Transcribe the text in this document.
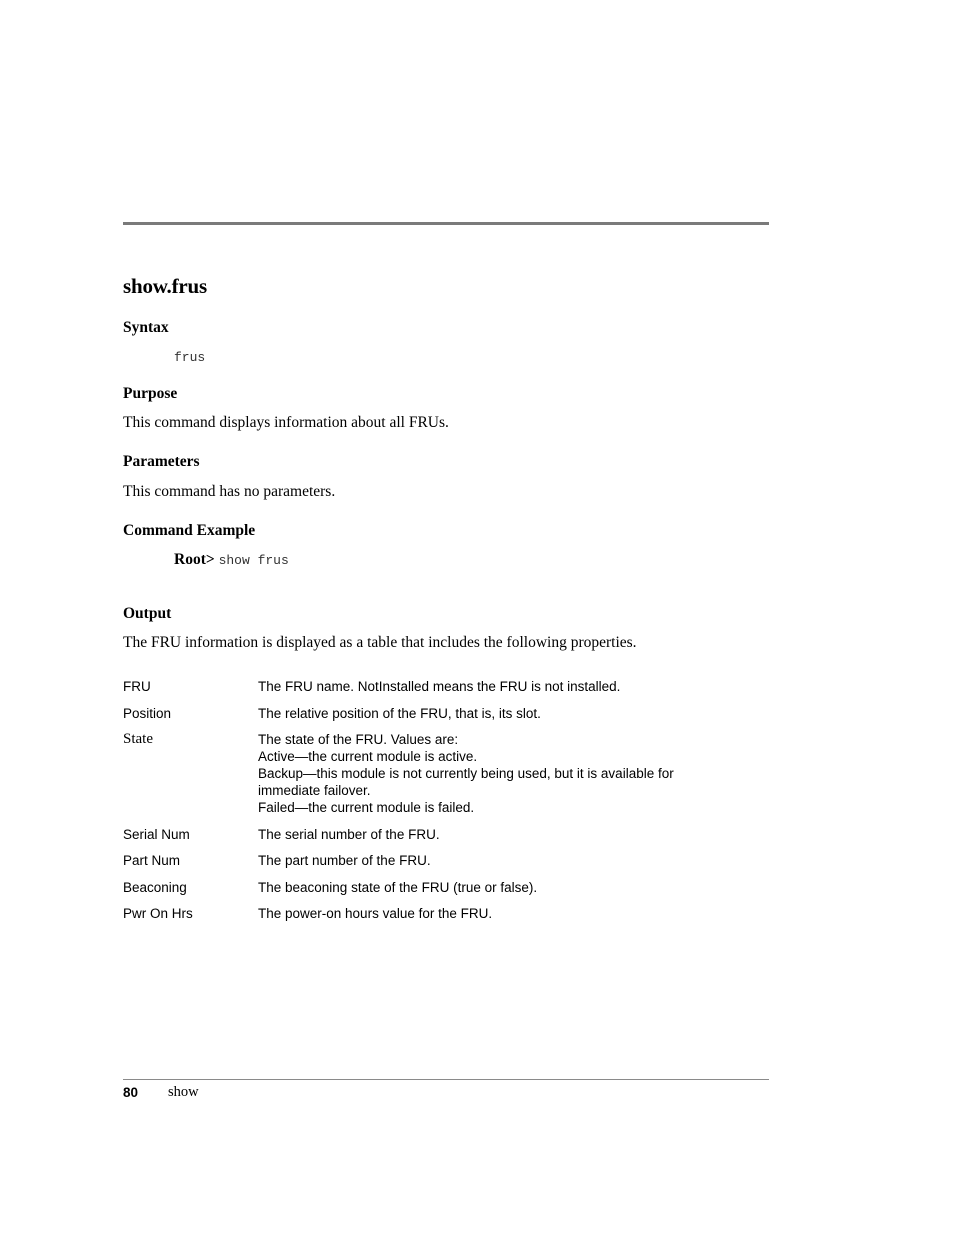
show.frus
Syntax
frus
Purpose

This command displays information about all FRUs.

Parameters

This command has no parameters.

Command Example
Root> show frus
Output

The FRU information is displayed as a table that includes the following properties.

FRU	The FRU name. NotInstalled means the FRU is not installed.
Position	The relative position of the FRU, that is, its slot.
State	The state of the FRU. Values are:
Active—the current module is active.
Backup—this module is not currently being used, but it is available for
immediate failover.
Failed—the current module is failed.
Serial Num	The serial number of the FRU.
Part Num	The part number of the FRU.
Beaconing	The beaconing state of the FRU (true or false).
Pwr On Hrs	The power-on hours value for the FRU.
80 show
